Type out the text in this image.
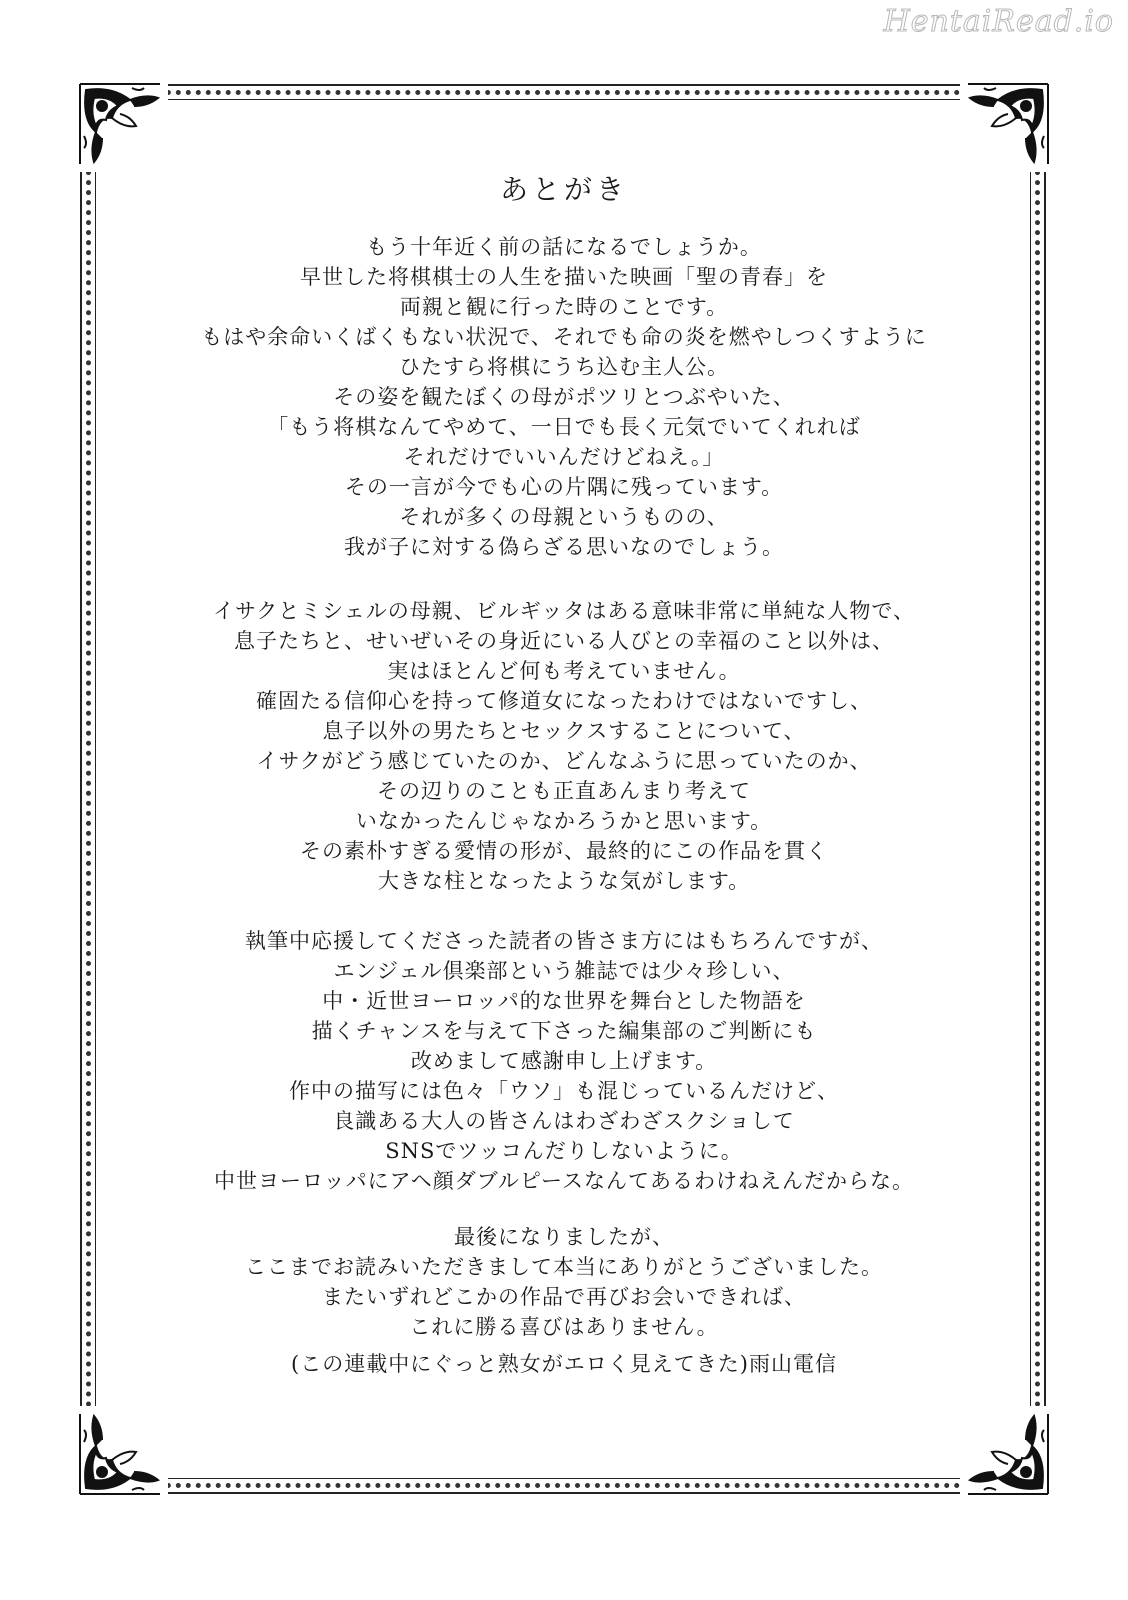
HentaiRead.io
あとがき
もう十年近く前の話になるでしょうか。
早世した将棋棋士の人生を描いた映画「聖の青春」を
両親と観に行った時のことです。
もはや余命いくばくもない状況で、それでも命の炎を燃やしつくすように
ひたすら将棋にうち込む主人公。
その姿を観たぼくの母がポツリとつぶやいた、
「もう将棋なんてやめて、一日でも長く元気でいてくれれば
それだけでいいんだけどねえ。」
その一言が今でも心の片隅に残っています。
それが多くの母親というものの、
我が子に対する偽らざる思いなのでしょう。
イサクとミシェルの母親、ビルギッタはある意味非常に単純な人物で、
息子たちと、せいぜいその身近にいる人びとの幸福のこと以外は、
実はほとんど何も考えていません。
確固たる信仰心を持って修道女になったわけではないですし、
息子以外の男たちとセックスすることについて、
イサクがどう感じていたのか、どんなふうに思っていたのか、
その辺りのことも正直あんまり考えて
いなかったんじゃなかろうかと思います。
その素朴すぎる愛情の形が、最終的にこの作品を貫く
大きな柱となったような気がします。
執筆中応援してくださった読者の皆さま方にはもちろんですが、
エンジェル倶楽部という雑誌では少々珍しい、
中・近世ヨーロッパ的な世界を舞台とした物語を
描くチャンスを与えて下さった編集部のご判断にも
改めまして感謝申し上げます。
作中の描写には色々「ウソ」も混じっているんだけど、
良識ある大人の皆さんはわざわざスクショして
SNSでツッコんだりしないように。
中世ヨーロッパにアヘ顔ダブルピースなんてあるわけねえんだからな。
最後になりましたが、
ここまでお読みいただきまして本当にありがとうございました。
またいずれどこかの作品で再びお会いできれば、
これに勝る喜びはありません。
(この連載中にぐっと熟女がエロく見えてきた)雨山電信
